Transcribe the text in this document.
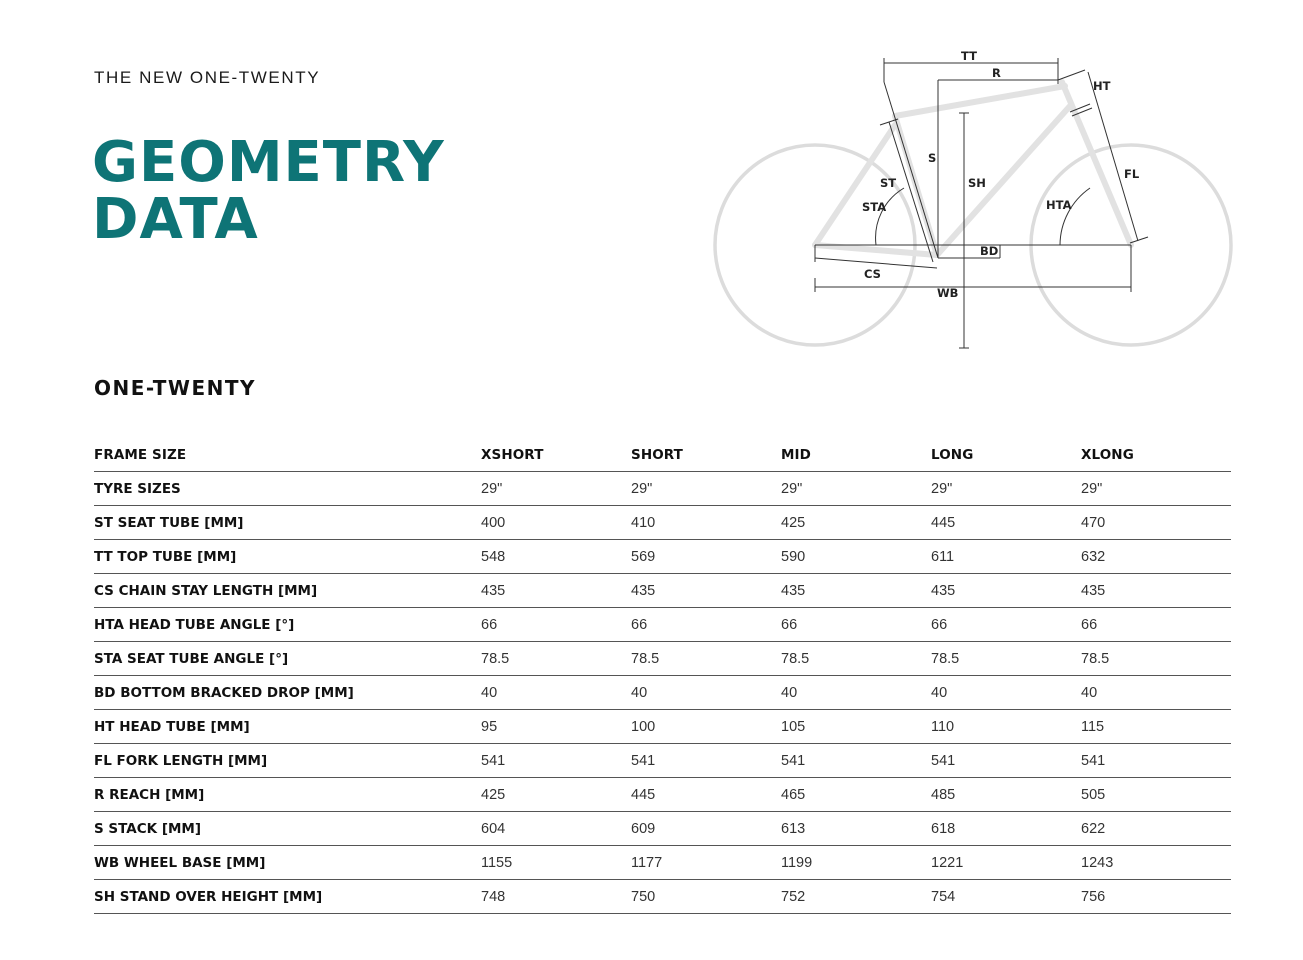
THE NEW ONE-TWENTY
GEOMETRY
DATA
TT
R
HT
S
SH
ST
STA
FL
HTA
BD
CS
WB
ONE-TWENTY
FRAME SIZE	XSHORT	SHORT	MID	LONG	XLONG
TYRE SIZES	29"	29"	29"	29"	29"
ST SEAT TUBE [MM]	400	410	425	445	470
TT TOP TUBE [MM]	548	569	590	611	632
CS CHAIN STAY LENGTH [MM]	435	435	435	435	435
HTA HEAD TUBE ANGLE [°]	66	66	66	66	66
STA SEAT TUBE ANGLE [°]	78.5	78.5	78.5	78.5	78.5
BD BOTTOM BRACKED DROP [MM]	40	40	40	40	40
HT HEAD TUBE [MM]	95	100	105	110	115
FL FORK LENGTH [MM]	541	541	541	541	541
R REACH [MM]	425	445	465	485	505
S STACK [MM]	604	609	613	618	622
WB WHEEL BASE [MM]	1155	1177	1199	1221	1243
SH STAND OVER HEIGHT [MM]	748	750	752	754	756
